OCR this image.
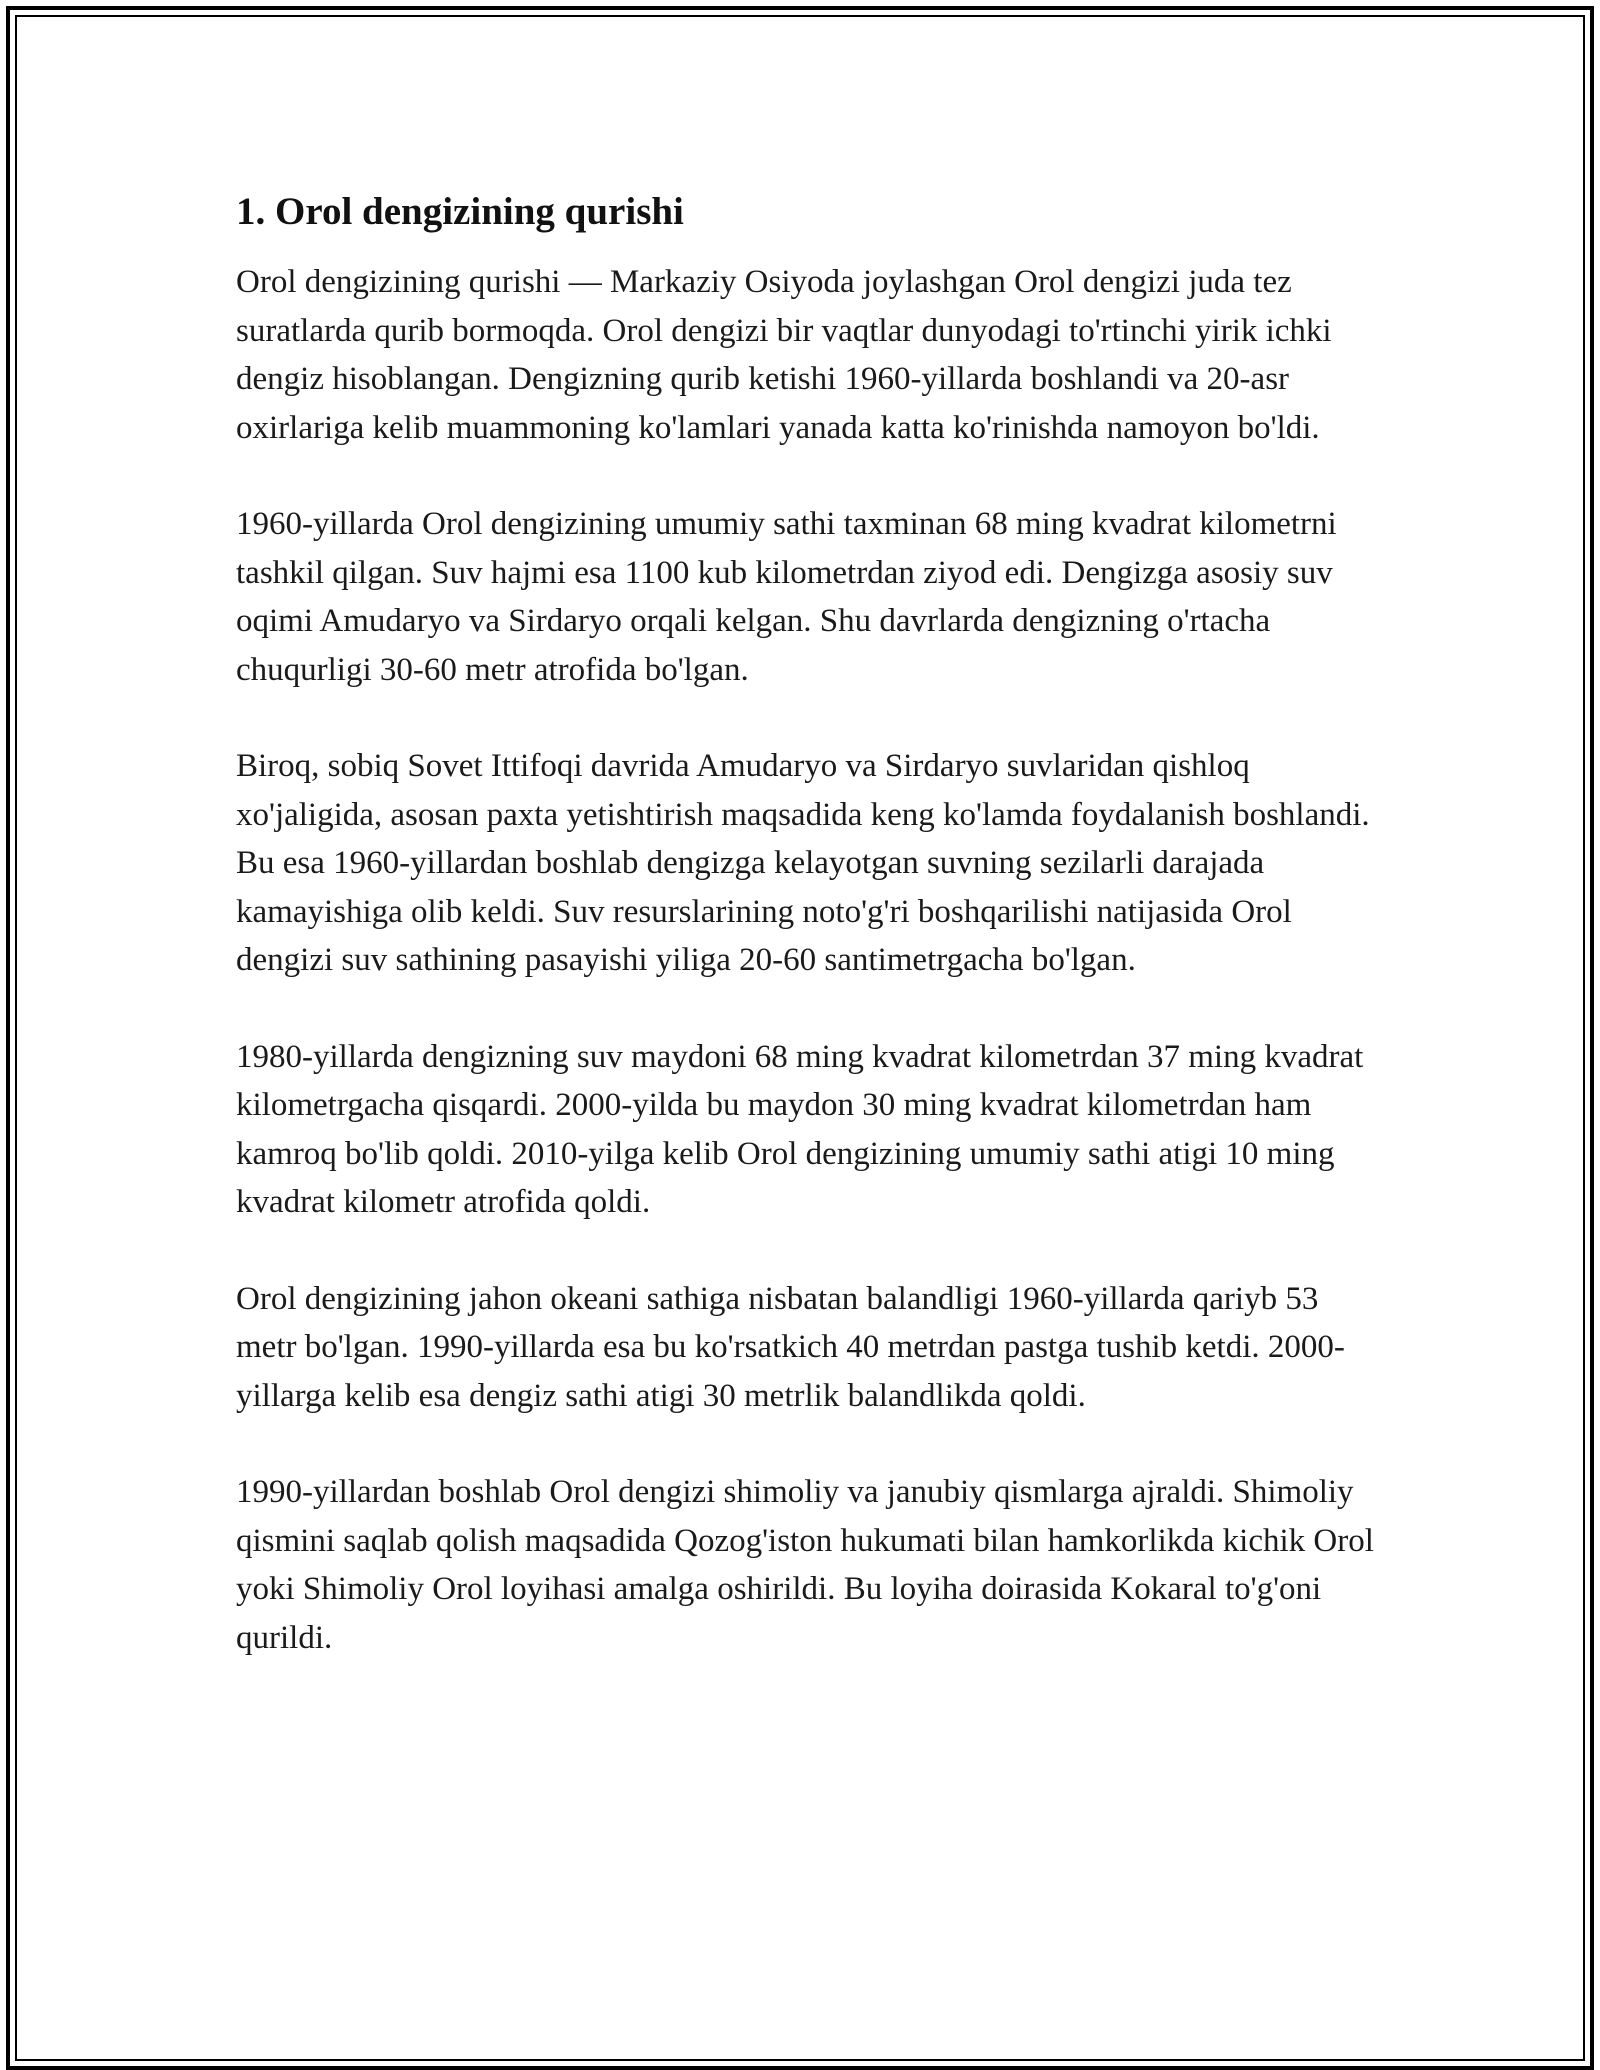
1. Orol dengizining qurishi

Orol dengizining qurishi — Markaziy Osiyoda joylashgan Orol dengizi juda tez suratlarda qurib bormoqda. Orol dengizi bir vaqtlar dunyodagi to'rtinchi yirik ichki dengiz hisoblangan. Dengizning qurib ketishi 1960-yillarda boshlandi va 20-asr oxirlariga kelib muammoning ko'lamlari yanada katta ko'rinishda namoyon bo'ldi.

1960-yillarda Orol dengizining umumiy sathi taxminan 68 ming kvadrat kilometrni tashkil qilgan. Suv hajmi esa 1100 kub kilometrdan ziyod edi. Dengizga asosiy suv oqimi Amudaryo va Sirdaryo orqali kelgan. Shu davrlarda dengizning o'rtacha chuqurligi 30-60 metr atrofida bo'lgan.

Biroq, sobiq Sovet Ittifoqi davrida Amudaryo va Sirdaryo suvlaridan qishloq xo'jaligida, asosan paxta yetishtirish maqsadida keng ko'lamda foydalanish boshlandi. Bu esa 1960-yillardan boshlab dengizga kelayotgan suvning sezilarli darajada kamayishiga olib keldi. Suv resurslarining noto'g'ri boshqarilishi natijasida Orol dengizi suv sathining pasayishi yiliga 20-60 santimetrgacha bo'lgan.

1980-yillarda dengizning suv maydoni 68 ming kvadrat kilometrdan 37 ming kvadrat kilometrgacha qisqardi. 2000-yilda bu maydon 30 ming kvadrat kilometrdan ham kamroq bo'lib qoldi. 2010-yilga kelib Orol dengizining umumiy sathi atigi 10 ming kvadrat kilometr atrofida qoldi.

Orol dengizining jahon okeani sathiga nisbatan balandligi 1960-yillarda qariyb 53 metr bo'lgan. 1990-yillarda esa bu ko'rsatkich 40 metrdan pastga tushib ketdi. 2000-yillarga kelib esa dengiz sathi atigi 30 metrlik balandlikda qoldi.

1990-yillardan boshlab Orol dengizi shimoliy va janubiy qismlarga ajraldi. Shimoliy qismini saqlab qolish maqsadida Qozog'iston hukumati bilan hamkorlikda kichik Orol yoki Shimoliy Orol loyihasi amalga oshirildi. Bu loyiha doirasida Kokaral to'g'oni qurildi.
